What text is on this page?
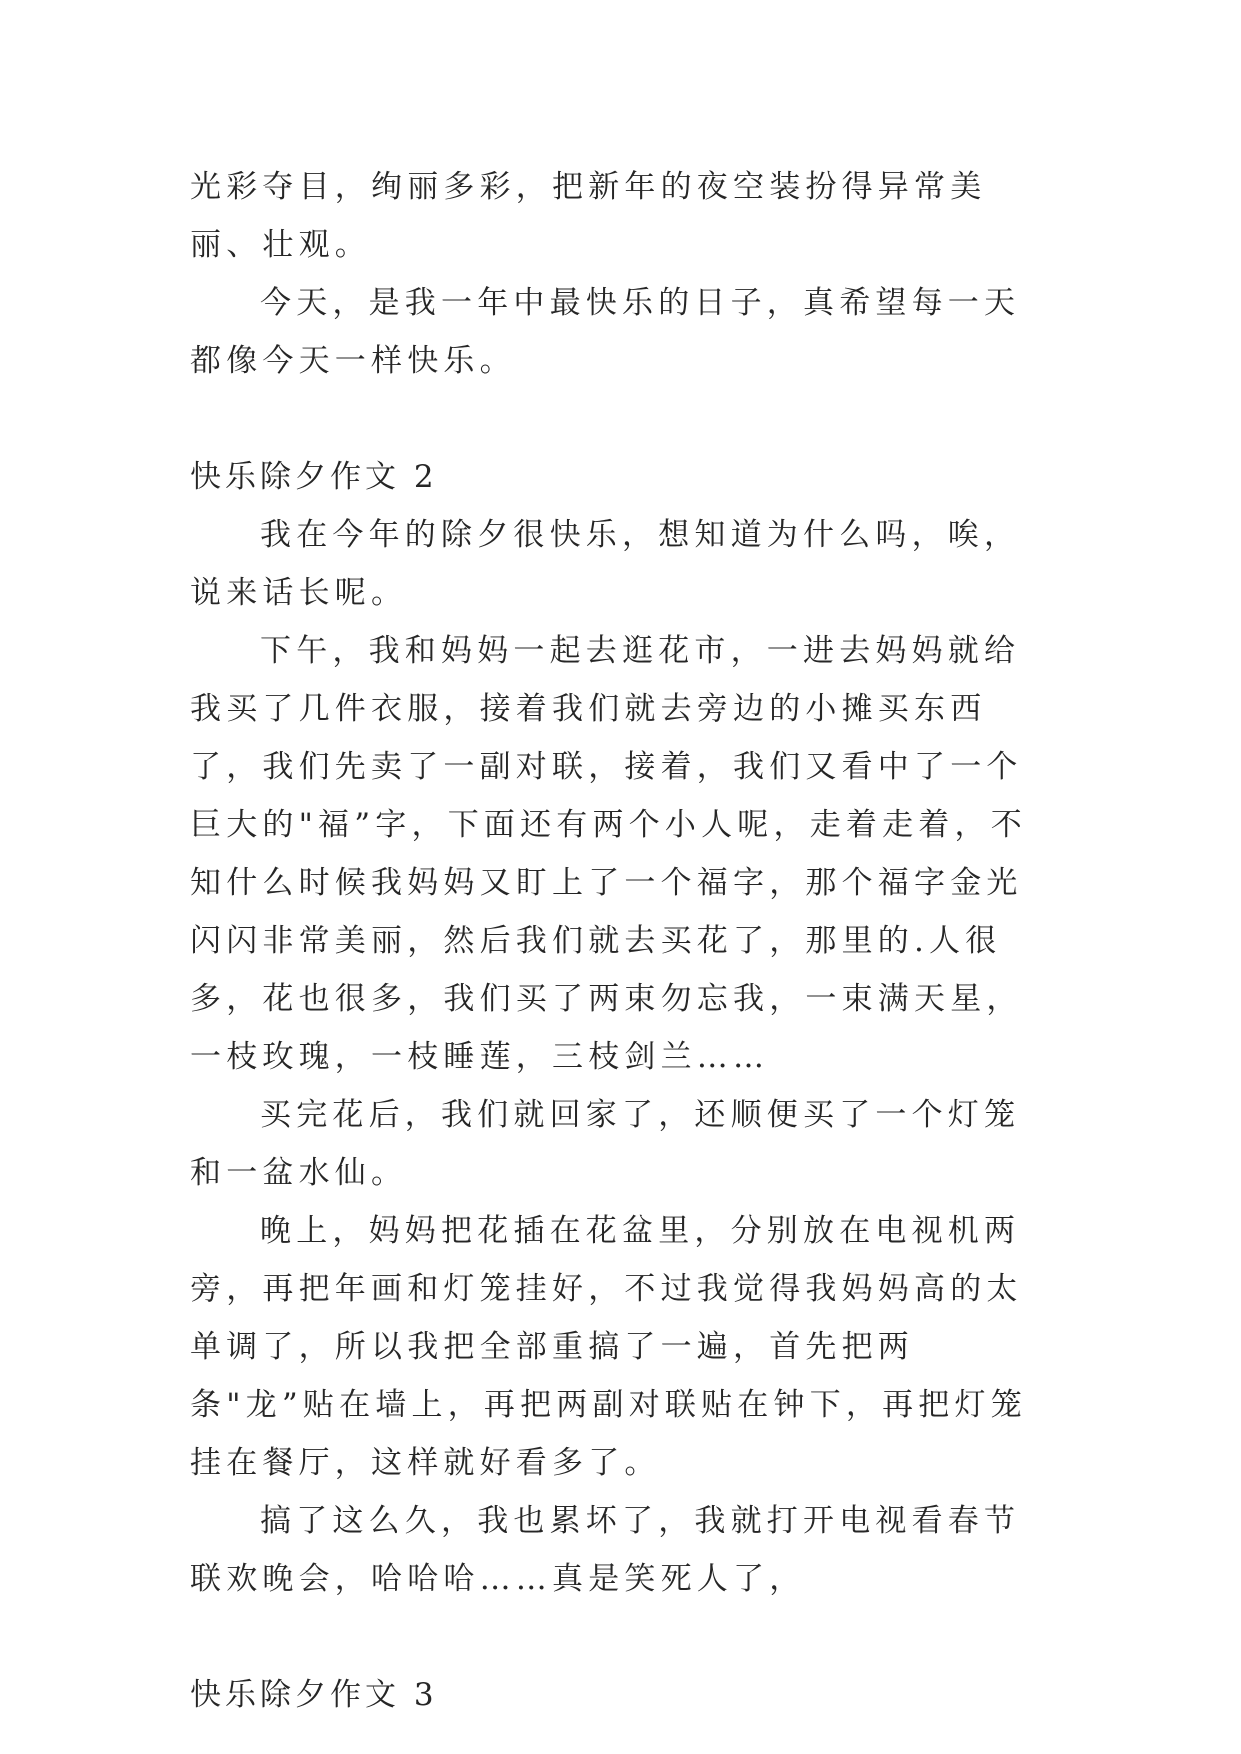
光彩夺目，绚丽多彩，把新年的夜空装扮得异常美丽、壮观。

今天，是我一年中最快乐的日子，真希望每一天都像今天一样快乐。

快乐除夕作文 2

我在今年的除夕很快乐，想知道为什么吗，唉，说来话长呢。

下午，我和妈妈一起去逛花市，一进去妈妈就给我买了几件衣服，接着我们就去旁边的小摊买东西了，我们先卖了一副对联，接着，我们又看中了一个巨大的"福”字，下面还有两个小人呢，走着走着，不知什么时候我妈妈又盯上了一个福字，那个福字金光闪闪非常美丽，然后我们就去买花了，那里的.人很多，花也很多，我们买了两束勿忘我，一束满天星，一枝玫瑰，一枝睡莲，三枝剑兰……

买完花后，我们就回家了，还顺便买了一个灯笼和一盆水仙。

晚上，妈妈把花插在花盆里，分别放在电视机两旁，再把年画和灯笼挂好，不过我觉得我妈妈高的太单调了，所以我把全部重搞了一遍，首先把两条"龙”贴在墙上，再把两副对联贴在钟下，再把灯笼挂在餐厅，这样就好看多了。

搞了这么久，我也累坏了，我就打开电视看春节联欢晚会，哈哈哈……真是笑死人了，

快乐除夕作文 3
